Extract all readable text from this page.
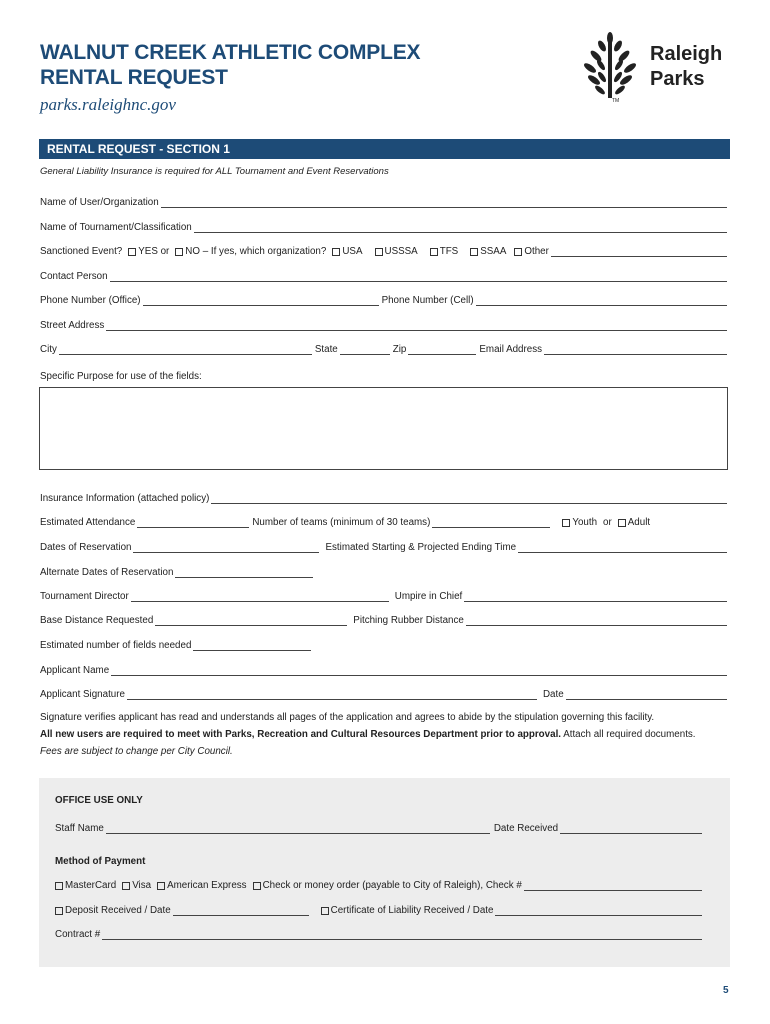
WALNUT CREEK ATHLETIC COMPLEX
RENTAL REQUEST
parks.raleighnc.gov
Raleigh
Parks
TM
RENTAL REQUEST - SECTION 1
General Liability Insurance is required for ALL Tournament and Event Reservations
Name of User/Organization
Name of Tournament/Classification
Sanctioned Event? YES or NO – If yes, which organization? USA USSSA TFS SSAA Other
Contact Person
Phone Number (Office)	Phone Number (Cell)
Street Address
City	State	Zip	Email Address
Specific Purpose for use of the fields:
Insurance Information (attached policy)
Estimated Attendance	Number of teams (minimum of 30 teams)	Youth or Adult
Dates of Reservation	Estimated Starting & Projected Ending Time
Alternate Dates of Reservation
Tournament Director	Umpire in Chief
Base Distance Requested	Pitching Rubber Distance
Estimated number of fields needed
Applicant Name
Applicant Signature	Date
Signature verifies applicant has read and understands all pages of the application and agrees to abide by the stipulation governing this facility.
All new users are required to meet with Parks, Recreation and Cultural Resources Department prior to approval. Attach all required documents.
Fees are subject to change per City Council.
OFFICE USE ONLY
Staff Name	Date Received
Method of Payment
MasterCard Visa American Express Check or money order (payable to City of Raleigh), Check #
Deposit Received / Date	Certificate of Liability Received / Date
Contract #
5
